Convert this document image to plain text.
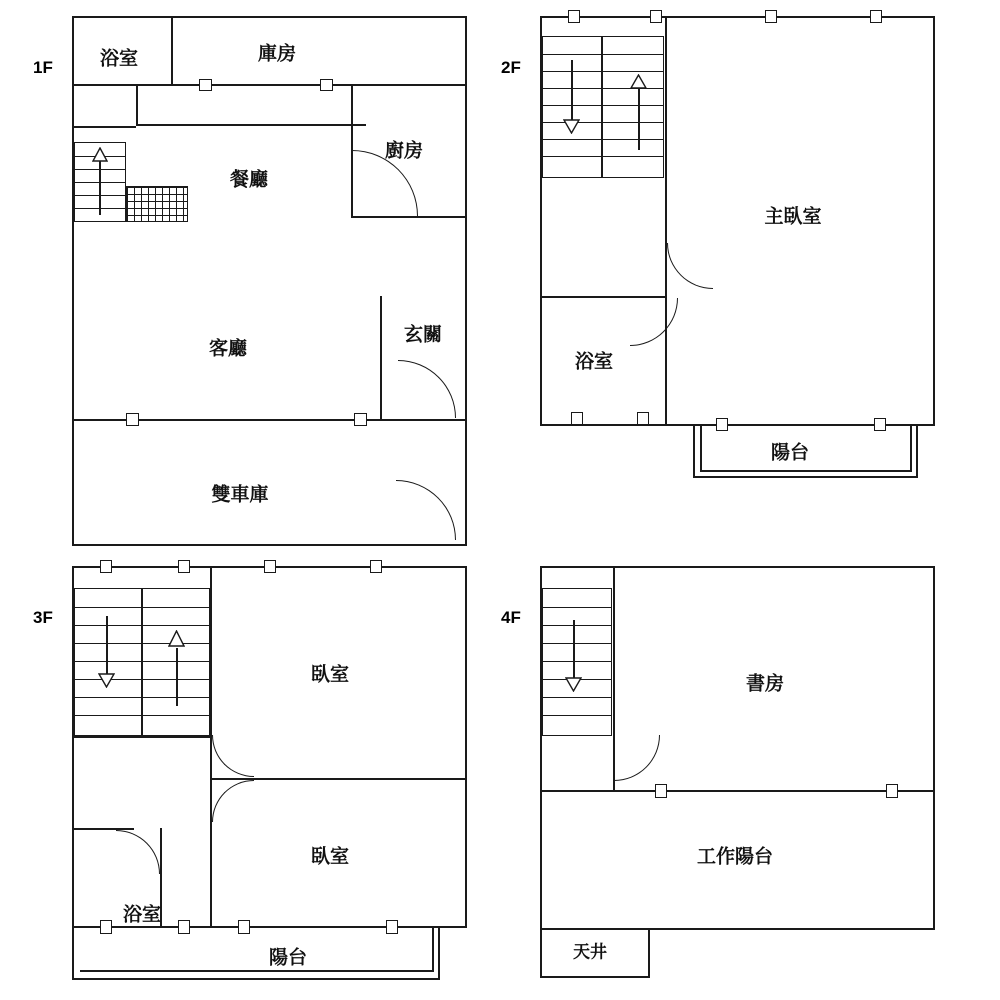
1F 浴室	庫房
廚房
餐廳
客廳
玄關
雙車庫
2F
主臥室
浴室
陽台
3F
臥室
臥室
浴室
陽台
4F
書房
工作陽台
天井
